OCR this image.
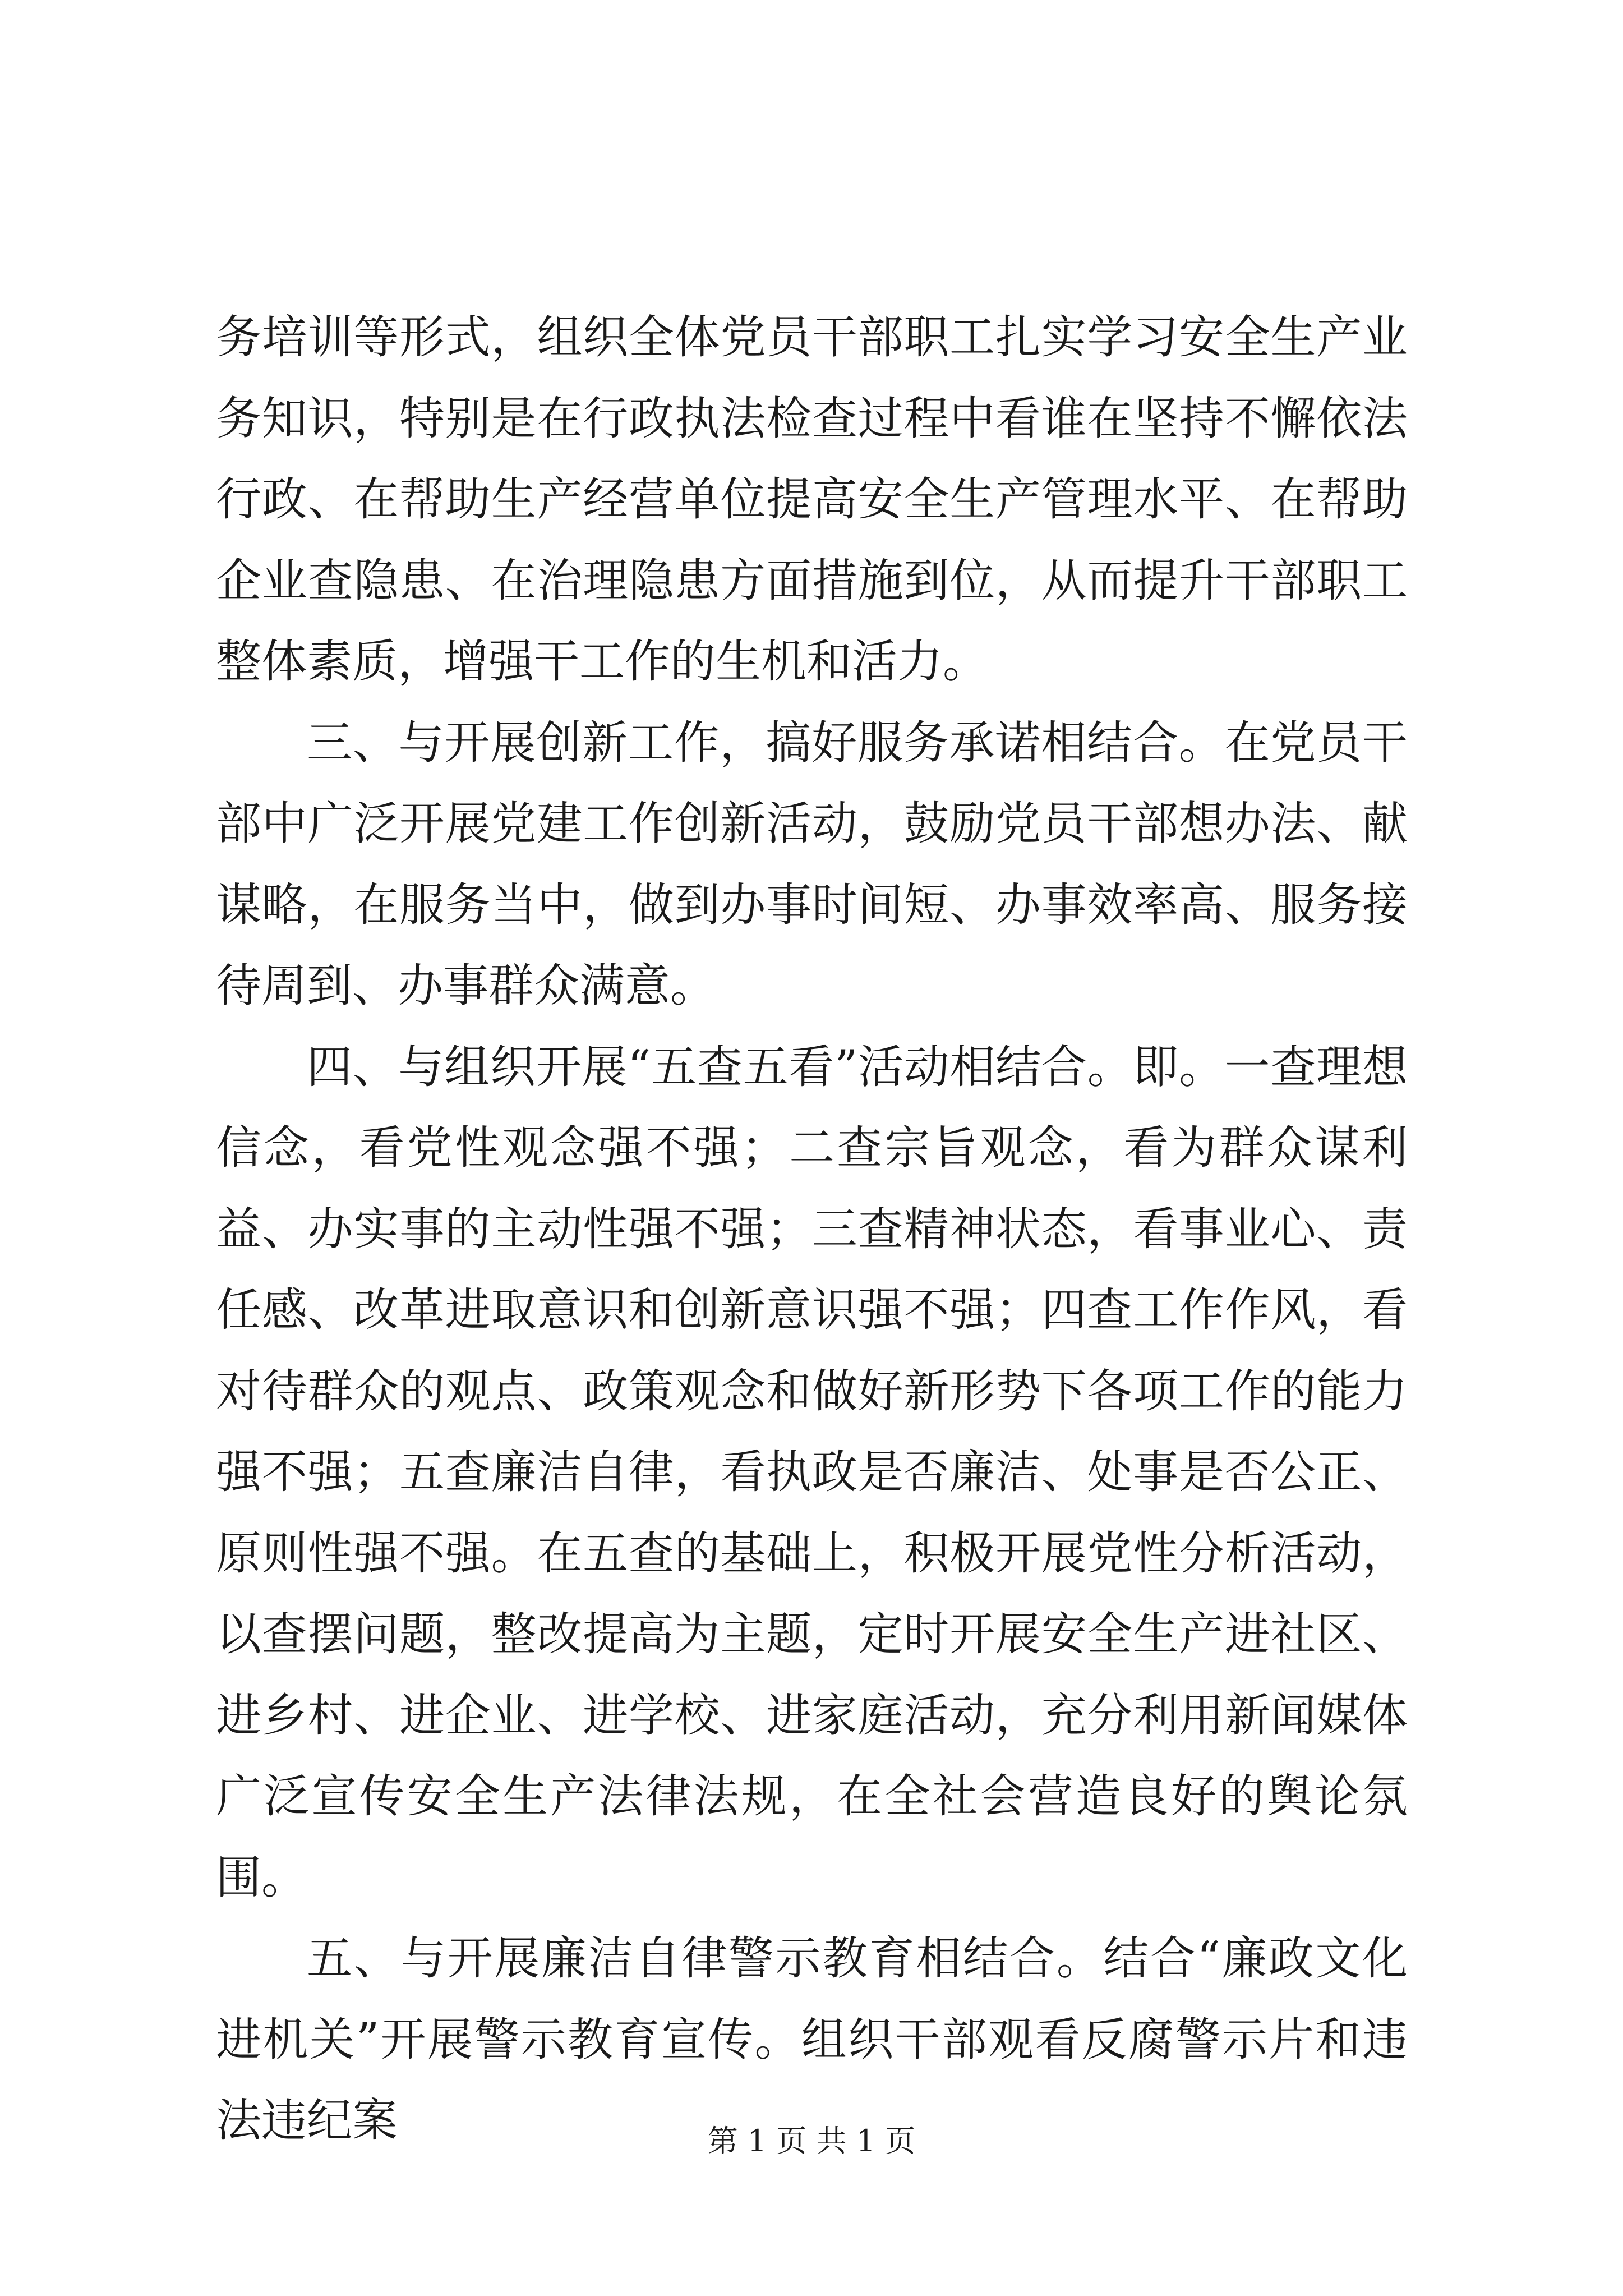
务培训等形式，组织全体党员干部职工扎实学习安全生产业务知识，特别是在行政执法检查过程中看谁在坚持不懈依法行政、在帮助生产经营单位提高安全生产管理水平、在帮助企业查隐患、在治理隐患方面措施到位，从而提升干部职工整体素质，增强干工作的生机和活力。

三、与开展创新工作，搞好服务承诺相结合。在党员干部中广泛开展党建工作创新活动，鼓励党员干部想办法、献谋略，在服务当中，做到办事时间短、办事效率高、服务接待周到、办事群众满意。

四、与组织开展“五查五看”活动相结合。即。一查理想信念，看党性观念强不强；二查宗旨观念，看为群众谋利益、办实事的主动性强不强；三查精神状态，看事业心、责任感、改革进取意识和创新意识强不强；四查工作作风，看对待群众的观点、政策观念和做好新形势下各项工作的能力强不强；五查廉洁自律，看执政是否廉洁、处事是否公正、原则性强不强。在五查的基础上，积极开展党性分析活动，以查摆问题，整改提高为主题，定时开展安全生产进社区、进乡村、进企业、进学校、进家庭活动，充分利用新闻媒体广泛宣传安全生产法律法规，在全社会营造良好的舆论氛围。

五、与开展廉洁自律警示教育相结合。结合“廉政文化进机关”开展警示教育宣传。组织干部观看反腐警示片和违法违纪案	第 1 页 共 1 页
